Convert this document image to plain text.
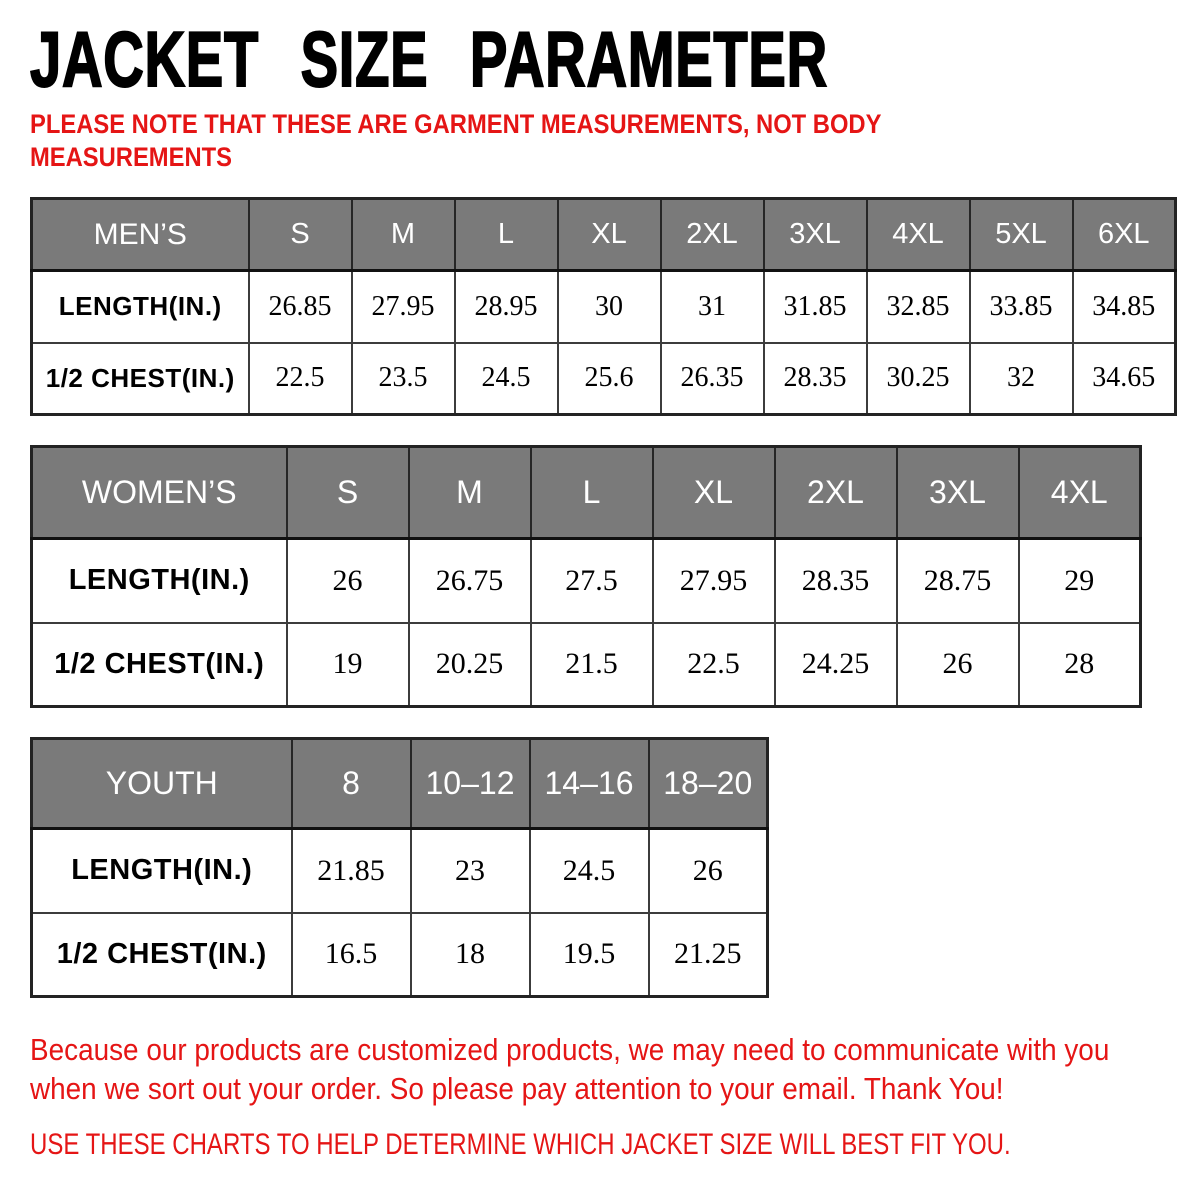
JACKET SIZE PARAMETER

PLEASE NOTE THAT THESE ARE GARMENT MEASUREMENTS, NOT BODY MEASUREMENTS

MEN’S	S	M	L	XL	2XL	3XL	4XL	5XL	6XL
LENGTH(IN.)	26.85	27.95	28.95	30	31	31.85	32.85	33.85	34.85
1/2 CHEST(IN.)	22.5	23.5	24.5	25.6	26.35	28.35	30.25	32	34.65
WOMEN’S	S	M	L	XL	2XL	3XL	4XL
LENGTH(IN.)	26	26.75	27.5	27.95	28.35	28.75	29
1/2 CHEST(IN.)	19	20.25	21.5	22.5	24.25	26	28
YOUTH	8	10–12	14–16	18–20
LENGTH(IN.)	21.85	23	24.5	26
1/2 CHEST(IN.)	16.5	18	19.5	21.25

Because our products are customized products, we may need to communicate with you when we sort out your order. So please pay attention to your email. Thank You!

USE THESE CHARTS TO HELP DETERMINE WHICH JACKET SIZE WILL BEST FIT YOU.
